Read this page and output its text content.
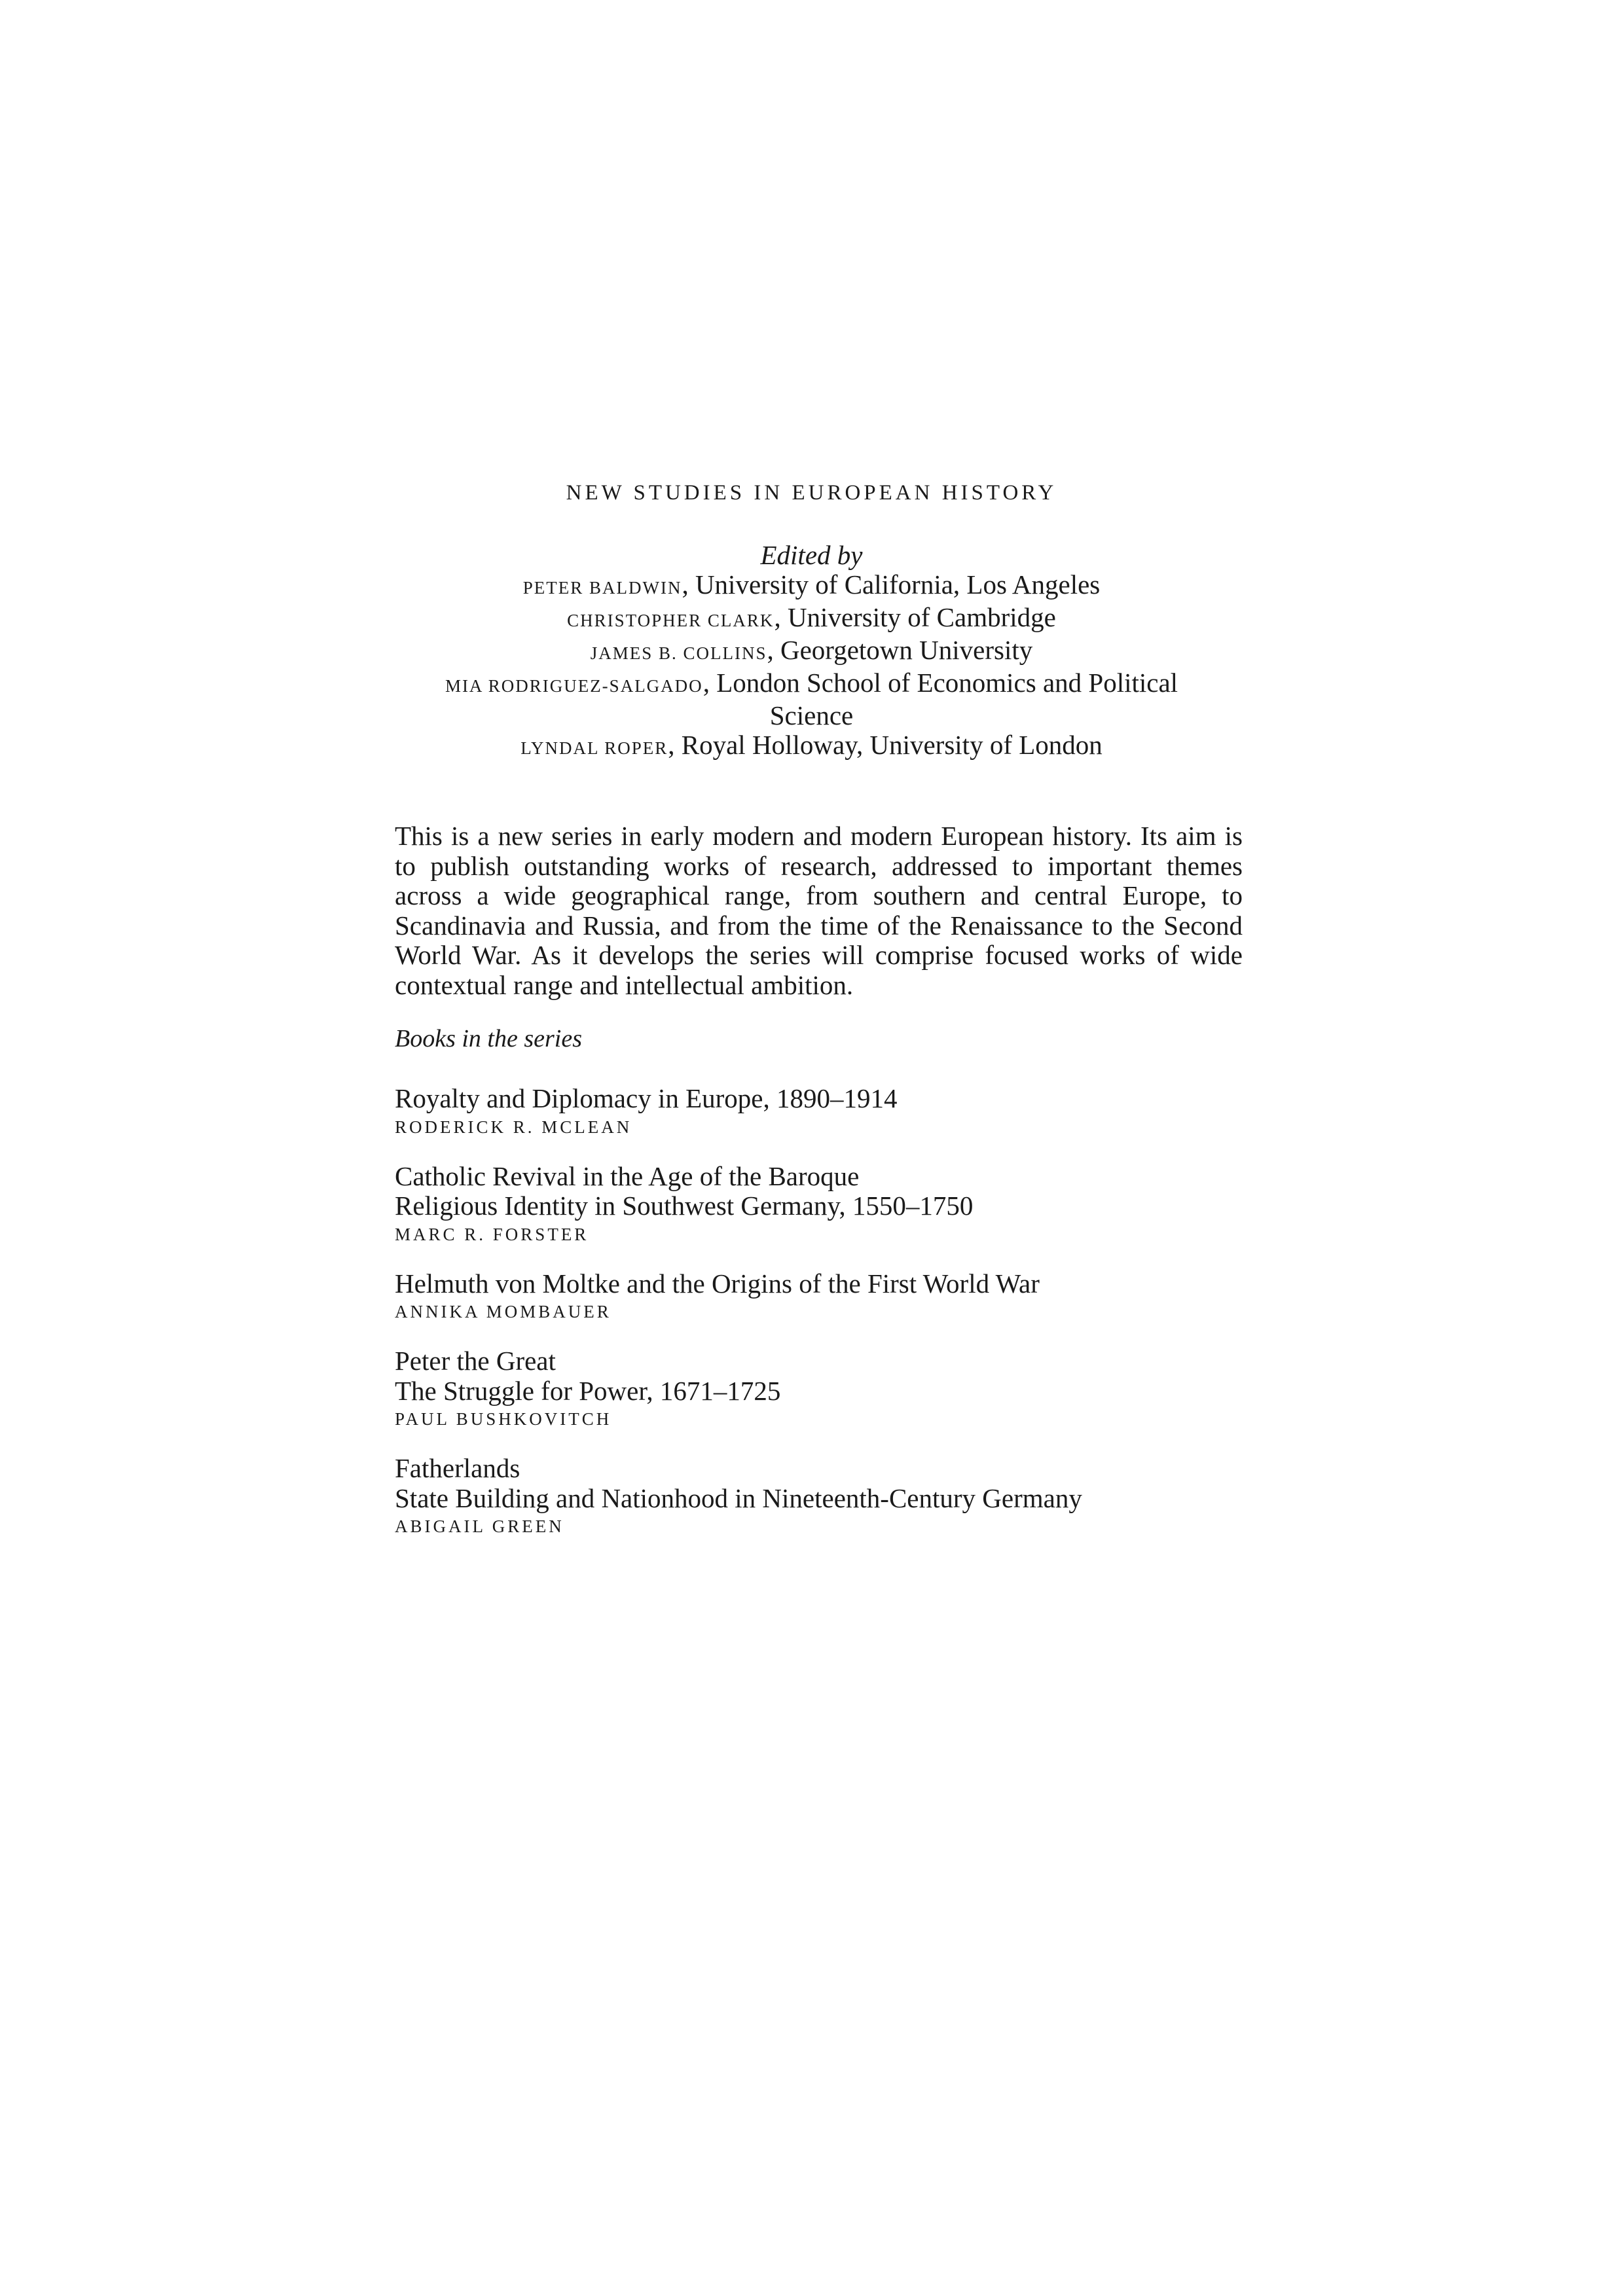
NEW STUDIES IN EUROPEAN HISTORY
Edited by
PETER BALDWIN, University of California, Los Angeles
CHRISTOPHER CLARK, University of Cambridge
JAMES B. COLLINS, Georgetown University
MIA RODRIGUEZ-SALGADO, London School of Economics and Political
Science
LYNDAL ROPER, Royal Holloway, University of London
This is a new series in early modern and modern European history. Its aim is to publish outstanding works of research, addressed to important themes across a wide geographical range, from southern and central Europe, to Scandinavia and Russia, and from the time of the Renaissance to the Second World War. As it develops the series will comprise focused works of wide contextual range and intellectual ambition.
Books in the series
Royalty and Diplomacy in Europe, 1890–1914
RODERICK R. MCLEAN
Catholic Revival in the Age of the Baroque
Religious Identity in Southwest Germany, 1550–1750
MARC R. FORSTER
Helmuth von Moltke and the Origins of the First World War
ANNIKA MOMBAUER
Peter the Great
The Struggle for Power, 1671–1725
PAUL BUSHKOVITCH
Fatherlands
State Building and Nationhood in Nineteenth-Century Germany
ABIGAIL GREEN
